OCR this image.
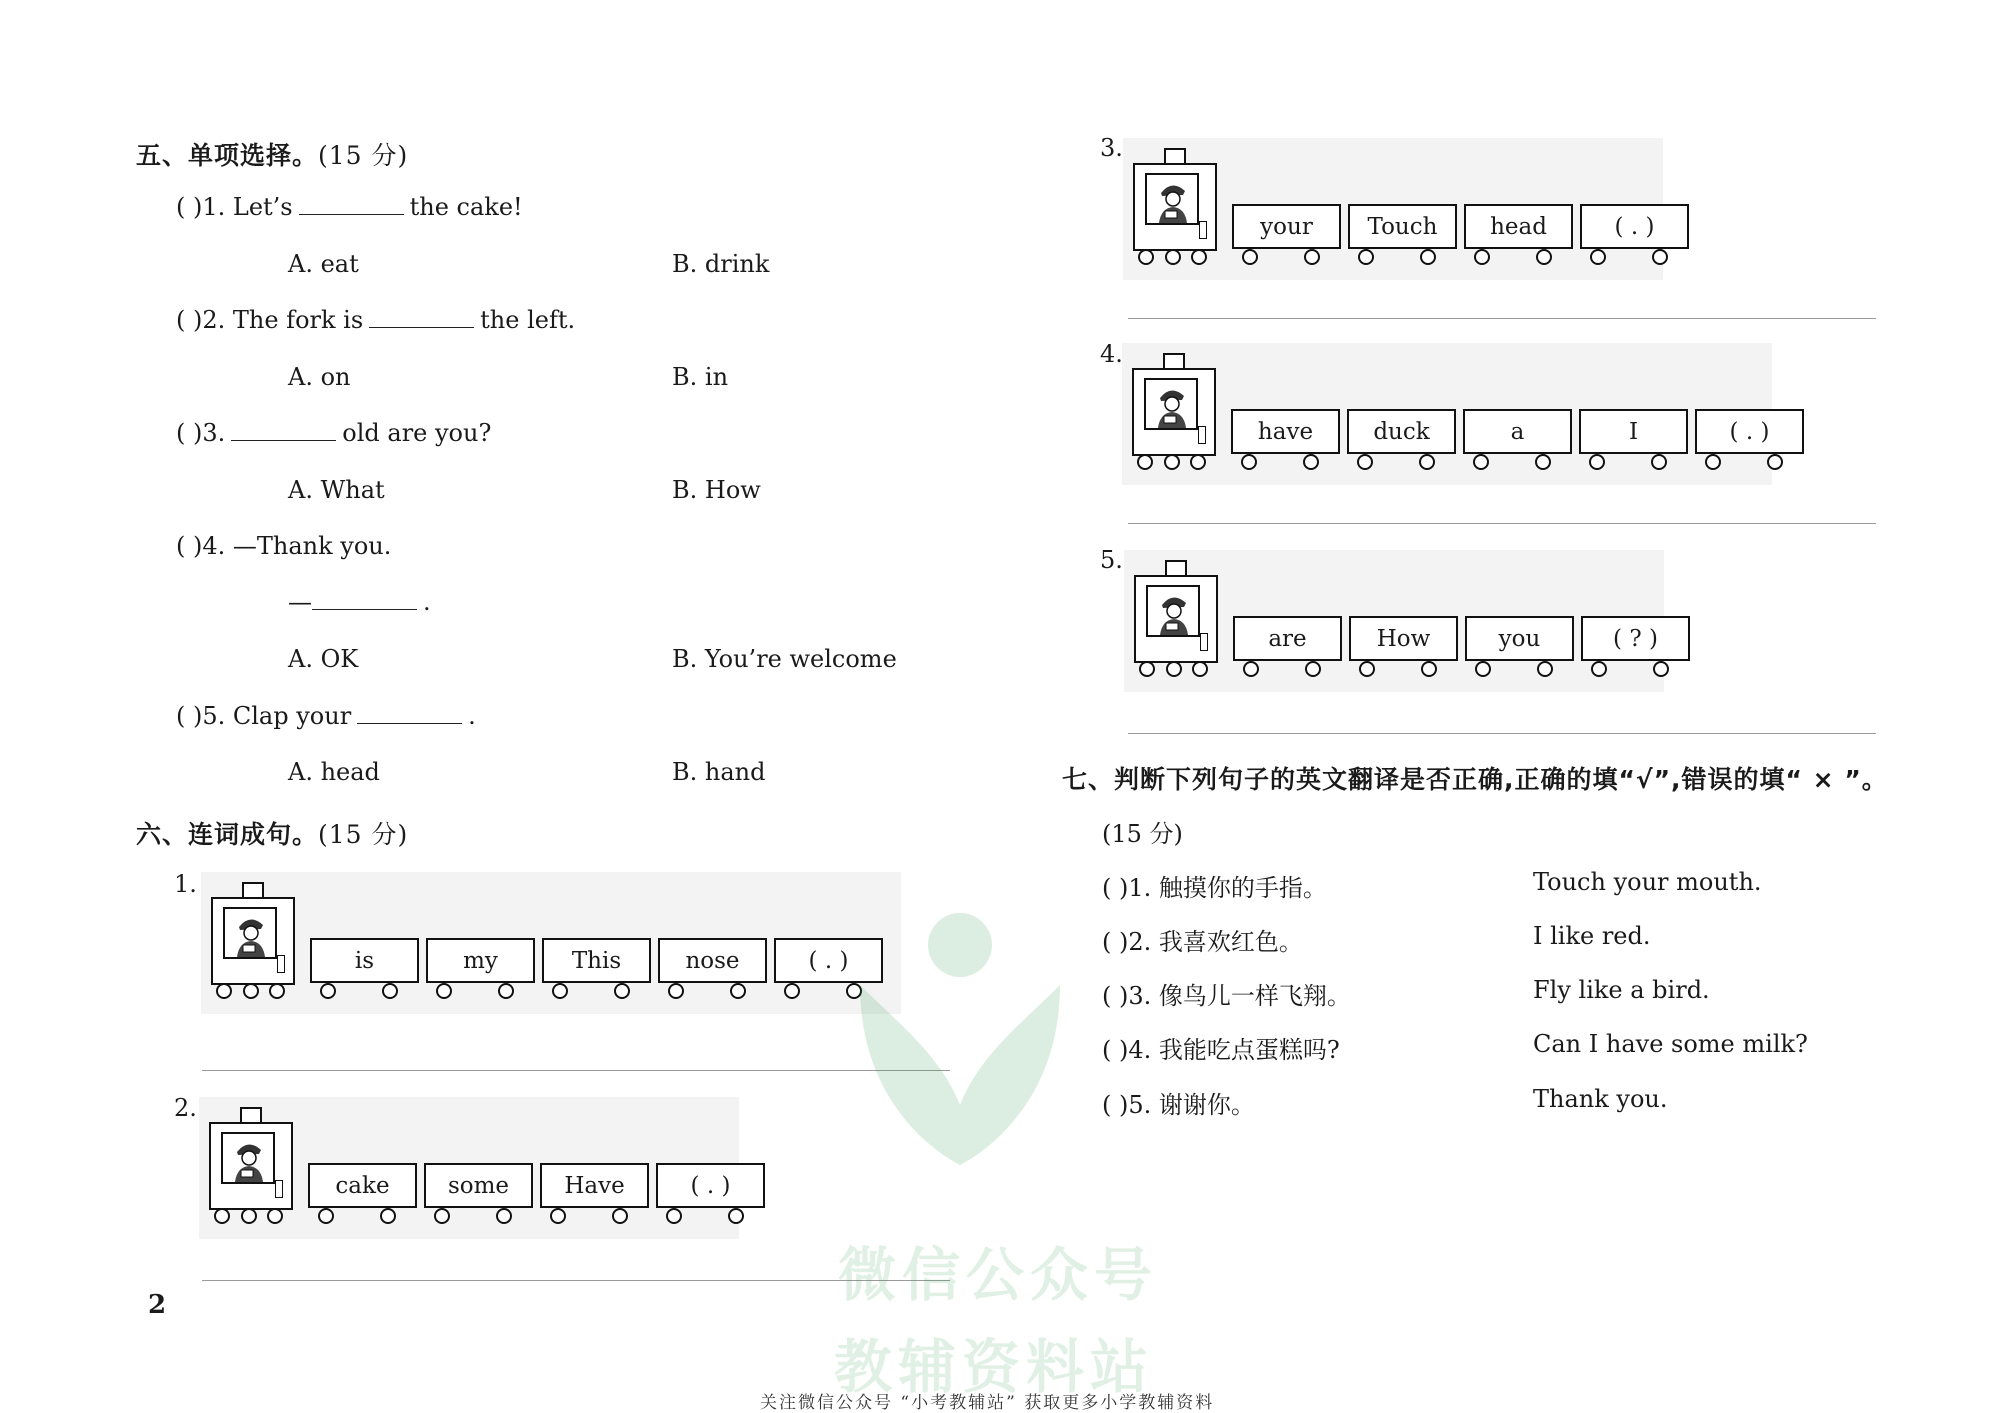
五、单项选择。(15 分)
( )1. Let’s	the cake!
A. eat	B. drink
( )2. The fork is	the left.
A. on	B. in
( )3.	old are you?
A. What	B. How
( )4. —Thank you.
—	.
A. OK	B. You’re welcome
( )5. Clap your	.
A. head	B. hand
六、连词成句。(15 分)
1.
is	my	This	nose	( . )
2.
cake	some	Have	( . )
3.
your	Touch	head	( . )
4.
have	duck	a	I	( . )
5.
are	How	you	( ? )
七、判断下列句子的英文翻译是否正确,正确的填“√”,错误的填“ × ”。
(15 分)
( )1. 触摸你的手指。	Touch your mouth.
( )2. 我喜欢红色。	I like red.
( )3. 像鸟儿一样飞翔。	Fly like a bird.
( )4. 我能吃点蛋糕吗?	Can I have some milk?
( )5. 谢谢你。	Thank you.
2	微信公众号
教辅资料站
关注微信公众号 “小考教辅站” 获取更多小学教辅资料
